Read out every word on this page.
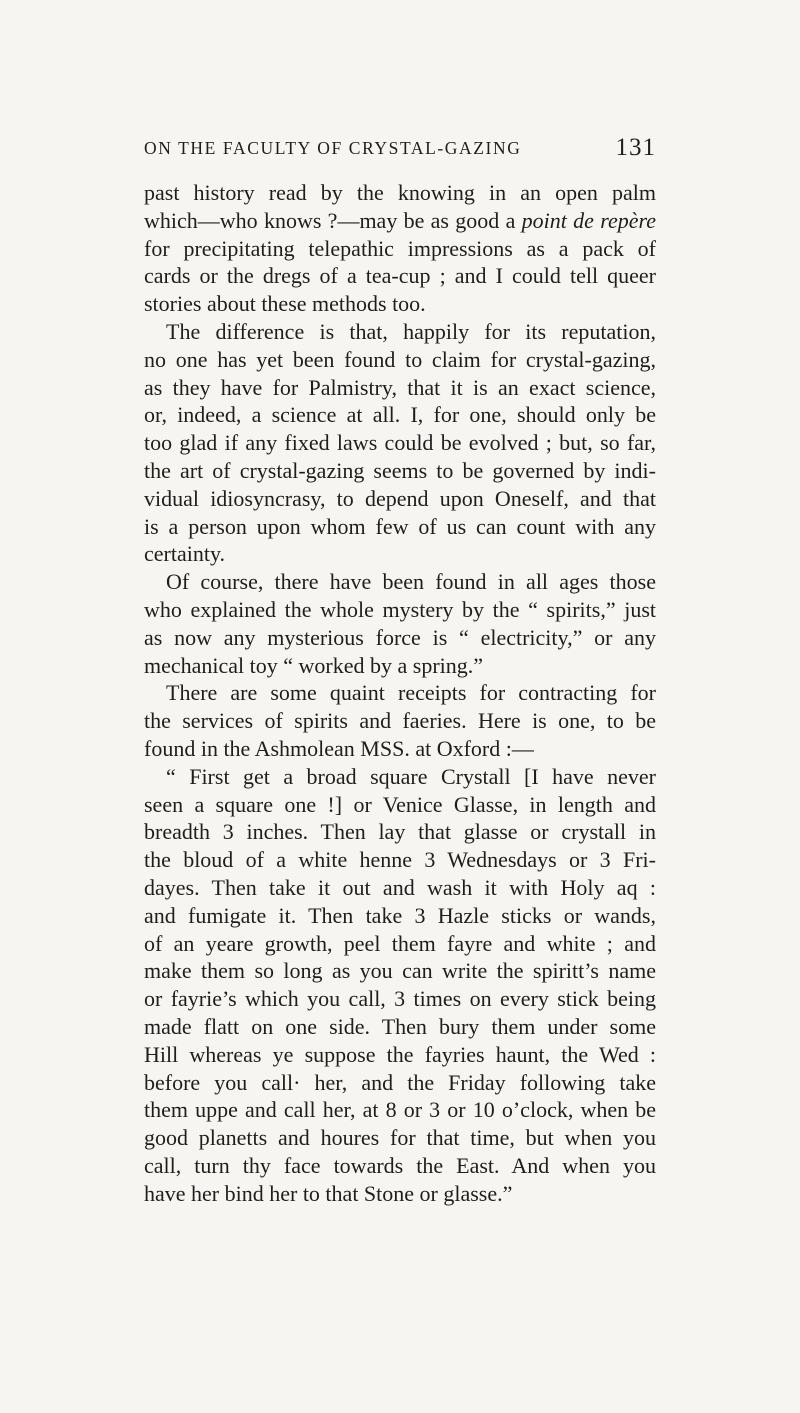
ON THE FACULTY OF CRYSTAL-GAZING	131
past history read by the knowing in an open palm
which—who knows ?—may be as good a point de repère
for precipitating telepathic impressions as a pack of
cards or the dregs of a tea-cup ; and I could tell queer
stories about these methods too.
The difference is that, happily for its reputation,
no one has yet been found to claim for crystal-gazing,
as they have for Palmistry, that it is an exact science,
or, indeed, a science at all. I, for one, should only be
too glad if any fixed laws could be evolved ; but, so far,
the art of crystal-gazing seems to be governed by indi-
vidual idiosyncrasy, to depend upon Oneself, and that
is a person upon whom few of us can count with any
certainty.
Of course, there have been found in all ages those
who explained the whole mystery by the “ spirits,” just
as now any mysterious force is “ electricity,” or any
mechanical toy “ worked by a spring.”
There are some quaint receipts for contracting for
the services of spirits and faeries. Here is one, to be
found in the Ashmolean MSS. at Oxford :—
“ First get a broad square Crystall [I have never
seen a square one !] or Venice Glasse, in length and
breadth 3 inches. Then lay that glasse or crystall in
the bloud of a white henne 3 Wednesdays or 3 Fri-
dayes. Then take it out and wash it with Holy aq :
and fumigate it. Then take 3 Hazle sticks or wands,
of an yeare growth, peel them fayre and white ; and
make them so long as you can write the spiritt’s name
or fayrie’s which you call, 3 times on every stick being
made flatt on one side. Then bury them under some
Hill whereas ye suppose the fayries haunt, the Wed :
before you call· her, and the Friday following take
them uppe and call her, at 8 or 3 or 10 o’clock, when be
good planetts and houres for that time, but when you
call, turn thy face towards the East. And when you
have her bind her to that Stone or glasse.”
